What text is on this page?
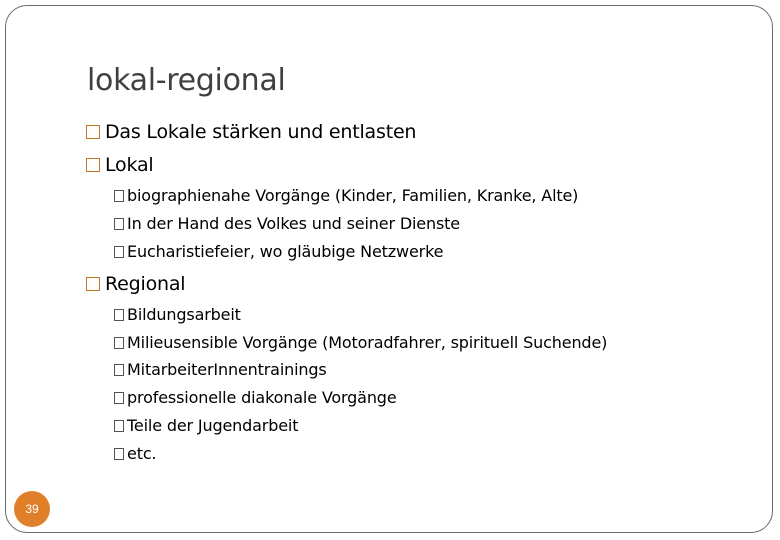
lokal-regional
Das Lokale stärken und entlasten
Lokal
biographienahe Vorgänge (Kinder, Familien, Kranke, Alte)
In der Hand des Volkes und seiner Dienste
Eucharistiefeier, wo gläubige Netzwerke
Regional
Bildungsarbeit
Milieusensible Vorgänge (Motoradfahrer, spirituell Suchende)
MitarbeiterInnentrainings
professionelle diakonale Vorgänge
Teile der Jugendarbeit
etc.
39
